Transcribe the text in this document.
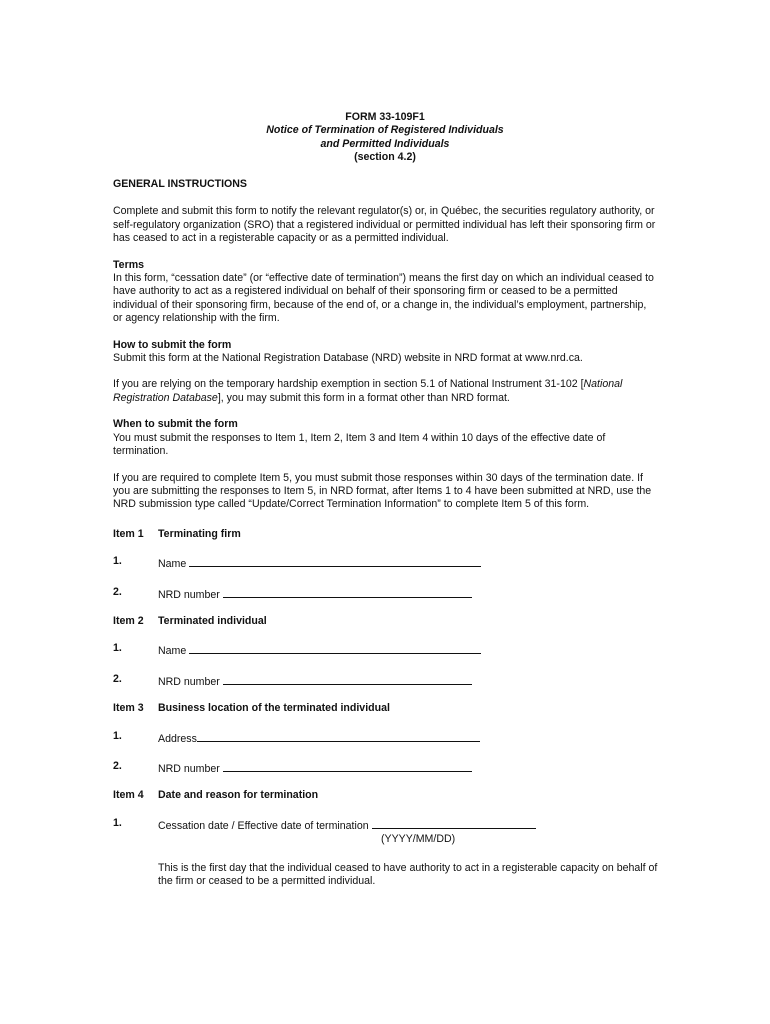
FORM 33-109F1
Notice of Termination of Registered Individuals
and Permitted Individuals
(section 4.2)

GENERAL INSTRUCTIONS

Complete and submit this form to notify the relevant regulator(s) or, in Québec, the securities regulatory authority, or self-regulatory organization (SRO) that a registered individual or permitted individual has left their sponsoring firm or has ceased to act in a registerable capacity or as a permitted individual.

Terms

In this form, “cessation date” (or “effective date of termination”) means the first day on which an individual ceased to have authority to act as a registered individual on behalf of their sponsoring firm or ceased to be a permitted individual of their sponsoring firm, because of the end of, or a change in, the individual’s employment, partnership, or agency relationship with the firm.

How to submit the form

Submit this form at the National Registration Database (NRD) website in NRD format at www.nrd.ca.

If you are relying on the temporary hardship exemption in section 5.1 of National Instrument 31-102 [National Registration Database], you may submit this form in a format other than NRD format.

When to submit the form

You must submit the responses to Item 1, Item 2, Item 3 and Item 4 within 10 days of the effective date of termination.

If you are required to complete Item 5, you must submit those responses within 30 days of the termination date. If you are submitting the responses to Item 5, in NRD format, after Items 1 to 4 have been submitted at NRD, use the NRD submission type called “Update/Correct Termination Information” to complete Item 5 of this form.

Item 1	Terminating firm
1.	Name
2.	NRD number
Item 2	Terminated individual
1.	Name
2.	NRD number
Item 3	Business location of the terminated individual
1.	Address
2.	NRD number
Item 4	Date and reason for termination
1.	Cessation date / Effective date of termination
(YYYY/MM/DD)

This is the first day that the individual ceased to have authority to act in a registerable capacity on behalf of the firm or ceased to be a permitted individual.
